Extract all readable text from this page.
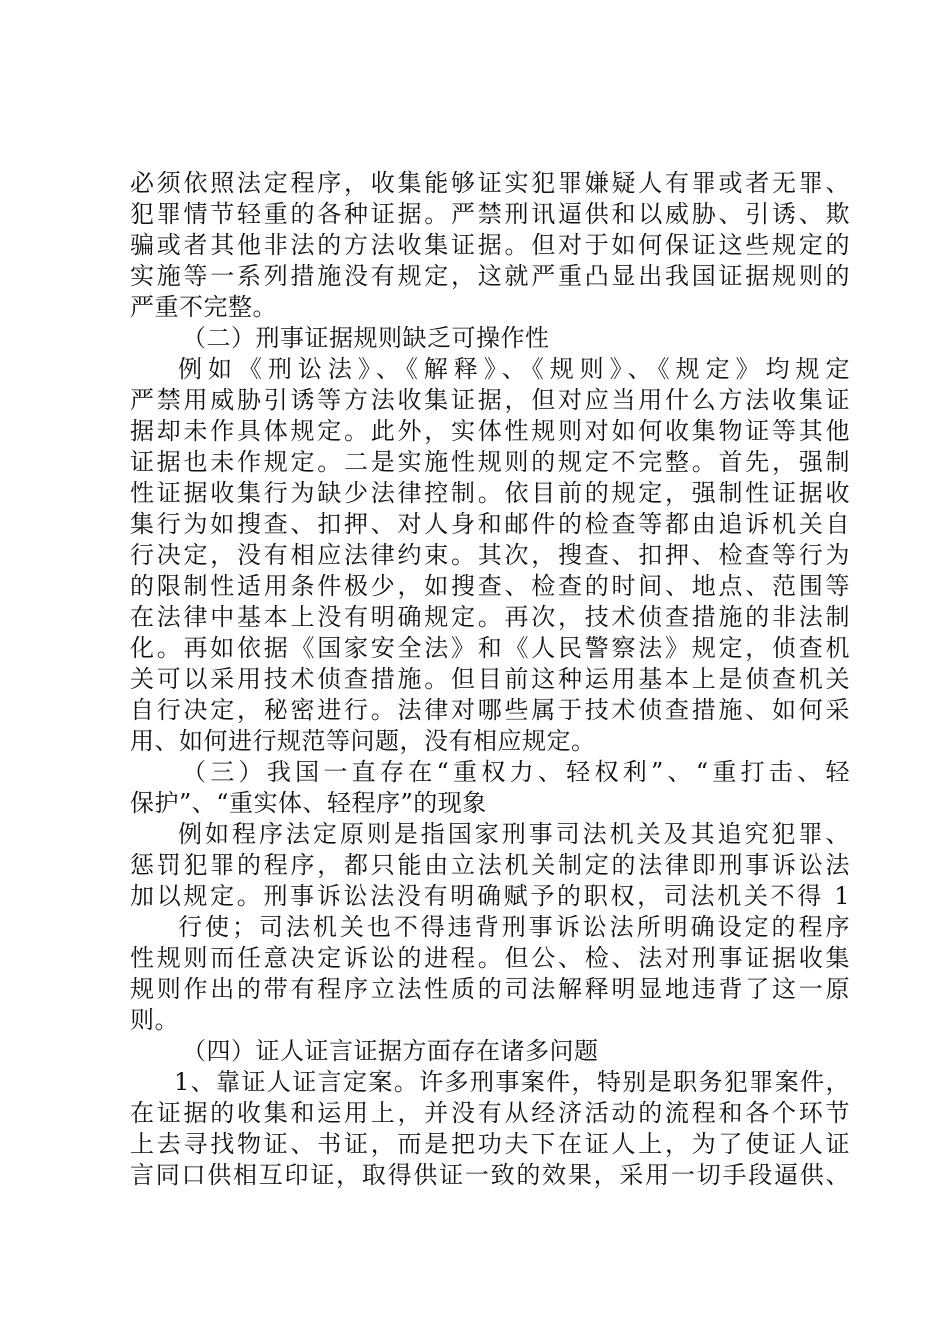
必须依照法定程序，收集能够证实犯罪嫌疑人有罪或者无罪、
犯罪情节轻重的各种证据。严禁刑讯逼供和以威胁、引诱、欺
骗或者其他非法的方法收集证据。但对于如何保证这些规定的
实施等一系列措施没有规定，这就严重凸显出我国证据规则的
严重不完整。
（二）刑事证据规则缺乏可操作性
例如《刑讼法》、《解释》、《规则》、《规定》均规定
严禁用威胁引诱等方法收集证据，但对应当用什么方法收集证
据却未作具体规定。此外，实体性规则对如何收集物证等其他
证据也未作规定。二是实施性规则的规定不完整。首先，强制
性证据收集行为缺少法律控制。依目前的规定，强制性证据收
集行为如搜查、扣押、对人身和邮件的检查等都由追诉机关自
行决定，没有相应法律约束。其次，搜查、扣押、检查等行为
的限制性适用条件极少，如搜查、检查的时间、地点、范围等
在法律中基本上没有明确规定。再次，技术侦查措施的非法制
化。再如依据《国家安全法》和《人民警察法》规定，侦查机
关可以采用技术侦查措施。但目前这种运用基本上是侦查机关
自行决定，秘密进行。法律对哪些属于技术侦查措施、如何采
用、如何进行规范等问题，没有相应规定。
（三）我国一直存在“重权力、轻权利”、“重打击、轻
保护”、“重实体、轻程序”的现象
例如程序法定原则是指国家刑事司法机关及其追究犯罪、
惩罚犯罪的程序，都只能由立法机关制定的法律即刑事诉讼法
加以规定。刑事诉讼法没有明确赋予的职权，司法机关不得 1
行使；司法机关也不得违背刑事诉讼法所明确设定的程序
性规则而任意决定诉讼的进程。但公、检、法对刑事证据收集
规则作出的带有程序立法性质的司法解释明显地违背了这一原
则。
（四）证人证言证据方面存在诸多问题
1、靠证人证言定案。许多刑事案件，特别是职务犯罪案件，
在证据的收集和运用上，并没有从经济活动的流程和各个环节
上去寻找物证、书证，而是把功夫下在证人上，为了使证人证
言同口供相互印证，取得供证一致的效果，采用一切手段逼供、
